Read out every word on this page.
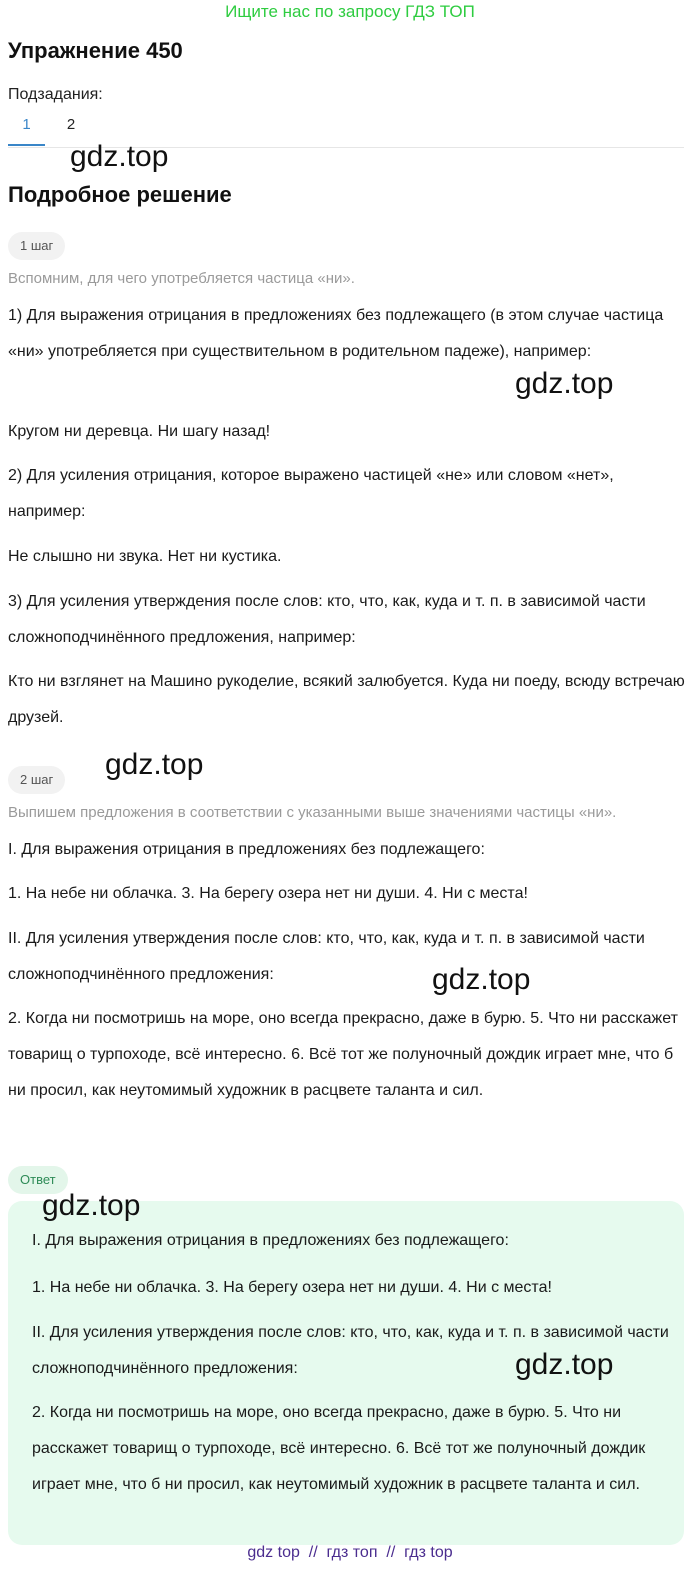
Ищите нас по запросу ГДЗ ТОП
Упражнение 450
Подзадания:
1	2
gdz.top
Подробное решение
1 шаг
Вспомним, для чего употребляется частица «ни».

1) Для выражения отрицания в предложениях без подлежащего (в этом случае частица «ни» употребляется при существительном в родительном падеже), например:

gdz.top

Кругом ни деревца. Ни шагу назад!

2) Для усиления отрицания, которое выражено частицей «не» или словом «нет», например:

Не слышно ни звука. Нет ни кустика.

3) Для усиления утверждения после слов: кто, что, как, куда и т. п. в зависимой части сложноподчинённого предложения, например:

Кто ни взглянет на Машино рукоделие, всякий залюбуется. Куда ни поеду, всюду встречаю друзей.

2 шаг	gdz.top
Выпишем предложения в соответствии с указанными выше значениями частицы «ни».

I. Для выражения отрицания в предложениях без подлежащего:

1. На небе ни облачка. 3. На берегу озера нет ни души. 4. Ни с места!

II. Для усиления утверждения после слов: кто, что, как, куда и т. п. в зависимой части сложноподчинённого предложения:	gdz.top

2. Когда ни посмотришь на море, оно всегда прекрасно, даже в бурю. 5. Что ни расскажет товарищ о турпоходе, всё интересно. 6. Всё тот же полуночный дождик играет мне, что б ни просил, как неутомимый художник в расцвете таланта и сил.

Ответ

I. Для выражения отрицания в предложениях без подлежащего:

1. На небе ни облачка. 3. На берегу озера нет ни души. 4. Ни с места!

II. Для усиления утверждения после слов: кто, что, как, куда и т. п. в зависимой части сложноподчинённого предложения:

2. Когда ни посмотришь на море, оно всегда прекрасно, даже в бурю. 5. Что ни расскажет товарищ о турпоходе, всё интересно. 6. Всё тот же полуночный дождик играет мне, что б ни просил, как неутомимый художник в расцвете таланта и сил.

gdz.top
gdz.top
gdz top  //  гдз топ  //  гдз top
